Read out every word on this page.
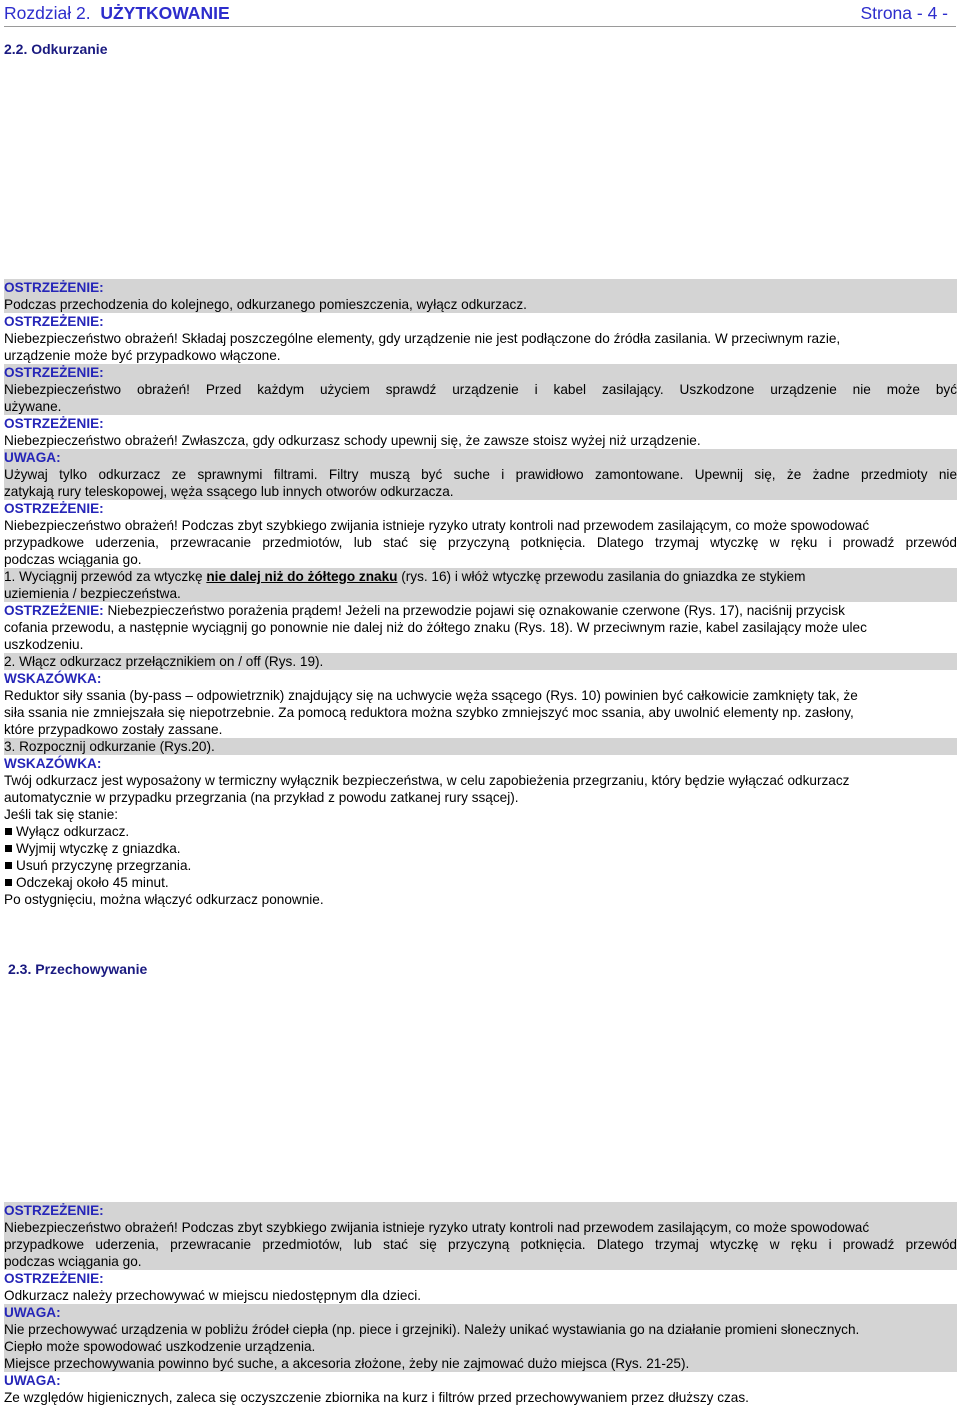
Rozdział 2. UŻYTKOWANIE	Strona - 4 -
2.2. Odkurzanie
OSTRZEŻENIE:
Podczas przechodzenia do kolejnego, odkurzanego pomieszczenia, wyłącz odkurzacz.
OSTRZEŻENIE:
Niebezpieczeństwo obrażeń! Składaj poszczególne elementy, gdy urządzenie nie jest podłączone do źródła zasilania. W przeciwnym razie,
urządzenie może być przypadkowo włączone.
OSTRZEŻENIE:
Niebezpieczeństwo obrażeń! Przed każdym użyciem sprawdź urządzenie i kabel zasilający. Uszkodzone urządzenie nie może być
używane.
OSTRZEŻENIE:
Niebezpieczeństwo obrażeń! Zwłaszcza, gdy odkurzasz schody upewnij się, że zawsze stoisz wyżej niż urządzenie.
UWAGA:
Używaj tylko odkurzacz ze sprawnymi filtrami. Filtry muszą być suche i prawidłowo zamontowane. Upewnij się, że żadne przedmioty nie
zatykają rury teleskopowej, węża ssącego lub innych otworów odkurzacza.
OSTRZEŻENIE:
Niebezpieczeństwo obrażeń! Podczas zbyt szybkiego zwijania istnieje ryzyko utraty kontroli nad przewodem zasilającym, co może spowodować
przypadkowe uderzenia, przewracanie przedmiotów, lub stać się przyczyną potknięcia. Dlatego trzymaj wtyczkę w ręku i prowadź przewód
podczas wciągania go.
1. Wyciągnij przewód za wtyczkę nie dalej niż do żółtego znaku (rys. 16) i włóż wtyczkę przewodu zasilania do gniazdka ze stykiem
uziemienia / bezpieczeństwa.
OSTRZEŻENIE: Niebezpieczeństwo porażenia prądem! Jeżeli na przewodzie pojawi się oznakowanie czerwone (Rys. 17), naciśnij przycisk
cofania przewodu, a następnie wyciągnij go ponownie nie dalej niż do żółtego znaku (Rys. 18). W przeciwnym razie, kabel zasilający może ulec
uszkodzeniu.
2. Włącz odkurzacz przełącznikiem on / off (Rys. 19).
WSKAZÓWKA:
Reduktor siły ssania (by-pass – odpowietrznik) znajdujący się na uchwycie węża ssącego (Rys. 10) powinien być całkowicie zamknięty tak, że
siła ssania nie zmniejszała się niepotrzebnie. Za pomocą reduktora można szybko zmniejszyć moc ssania, aby uwolnić elementy np. zasłony,
które przypadkowo zostały zassane.
3. Rozpocznij odkurzanie (Rys.20).
WSKAZÓWKA:
Twój odkurzacz jest wyposażony w termiczny wyłącznik bezpieczeństwa, w celu zapobieżenia przegrzaniu, który będzie wyłączać odkurzacz
automatycznie w przypadku przegrzania (na przykład z powodu zatkanej rury ssącej).
Jeśli tak się stanie:
Wyłącz odkurzacz.
Wyjmij wtyczkę z gniazdka.
Usuń przyczynę przegrzania.
Odczekaj około 45 minut.
Po ostygnięciu, można włączyć odkurzacz ponownie.
2.3. Przechowywanie
OSTRZEŻENIE:
Niebezpieczeństwo obrażeń! Podczas zbyt szybkiego zwijania istnieje ryzyko utraty kontroli nad przewodem zasilającym, co może spowodować
przypadkowe uderzenia, przewracanie przedmiotów, lub stać się przyczyną potknięcia. Dlatego trzymaj wtyczkę w ręku i prowadź przewód
podczas wciągania go.
OSTRZEŻENIE:
Odkurzacz należy przechowywać w miejscu niedostępnym dla dzieci.
UWAGA:
Nie przechowywać urządzenia w pobliżu źródeł ciepła (np. piece i grzejniki). Należy unikać wystawiania go na działanie promieni słonecznych.
Ciepło może spowodować uszkodzenie urządzenia.
Miejsce przechowywania powinno być suche, a akcesoria złożone, żeby nie zajmować dużo miejsca (Rys. 21-25).
UWAGA:
Ze względów higienicznych, zaleca się oczyszczenie zbiornika na kurz i filtrów przed przechowywaniem przez dłuższy czas.
